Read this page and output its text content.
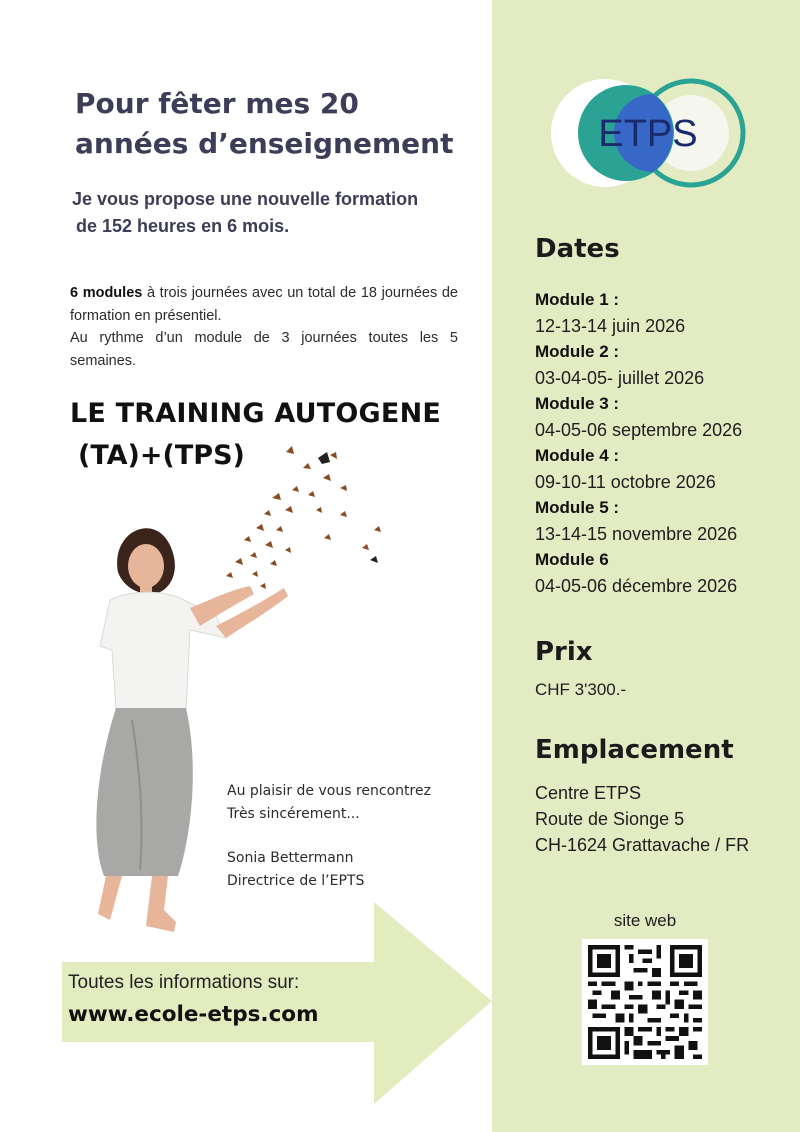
ETPS
Pour fêter mes 20 années d’enseignement
Je vous propose une nouvelle formation
de 152 heures en 6 mois.
6 modules à trois journées avec un total de 18 journées de formation en présentiel.
Au rythme d’un module de 3 journées toutes les 5 semaines.
LE TRAINING AUTOGENE
(TA)+(TPS)
Au plaisir de vous rencontrez
Très sincérement...
Sonia Bettermann
Directrice de l’EPTS
Toutes les informations sur:
www.ecole-etps.com
Dates
Module 1 :
12-13-14 juin 2026
Module 2 :
03-04-05- juillet 2026
Module 3 :
04-05-06 septembre 2026
Module 4 :
09-10-11 octobre 2026
Module 5 :
13-14-15 novembre 2026
Module 6
04-05-06 décembre 2026
Prix
CHF 3'300.-
Emplacement
Centre ETPS
Route de Sionge 5
CH-1624 Grattavache / FR
site web
